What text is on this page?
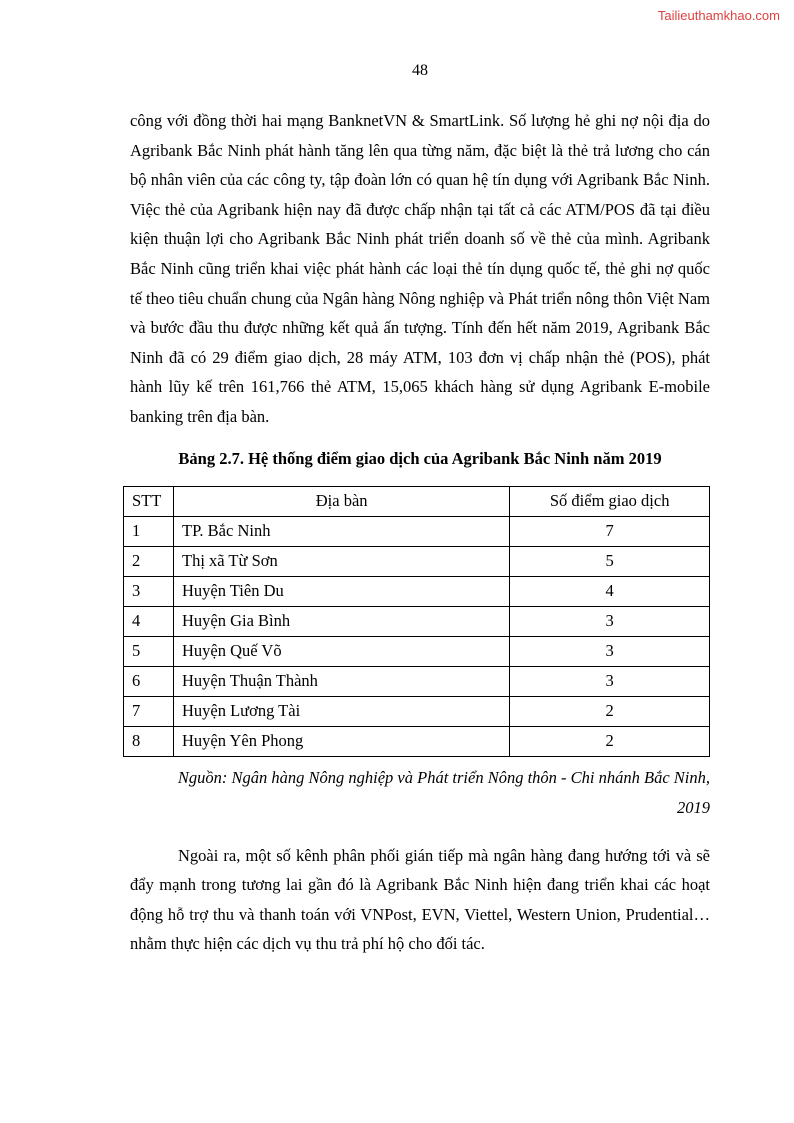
Tailieuthamkhao.com
48

công với đồng thời hai mạng BanknetVN & SmartLink. Số lượng hẻ ghi nợ nội địa do Agribank Bắc Ninh phát hành tăng lên qua từng năm, đặc biệt là thẻ trả lương cho cán bộ nhân viên của các công ty, tập đoàn lớn có quan hệ tín dụng với Agribank Bắc Ninh. Việc thẻ của Agribank hiện nay đã được chấp nhận tại tất cả các ATM/POS đã tại điều kiện thuận lợi cho Agribank Bắc Ninh phát triển doanh số về thẻ của mình. Agribank Bắc Ninh cũng triển khai việc phát hành các loại thẻ tín dụng quốc tế, thẻ ghi nợ quốc tế theo tiêu chuẩn chung của Ngân hàng Nông nghiệp và Phát triển nông thôn Việt Nam và bước đầu thu được những kết quả ấn tượng. Tính đến hết năm 2019, Agribank Bắc Ninh đã có 29 điểm giao dịch, 28 máy ATM, 103 đơn vị chấp nhận thẻ (POS), phát hành lũy kế trên 161,766 thẻ ATM, 15,065 khách hàng sử dụng Agribank E-mobile banking trên địa bàn.

Bảng 2.7. Hệ thống điểm giao dịch của Agribank Bắc Ninh năm 2019
STT	Địa bàn	Số điểm giao dịch
1	TP. Bắc Ninh	7
2	Thị xã Từ Sơn	5
3	Huyện Tiên Du	4
4	Huyện Gia Bình	3
5	Huyện Quế Võ	3
6	Huyện Thuận Thành	3
7	Huyện Lương Tài	2
8	Huyện Yên Phong	2
Nguồn: Ngân hàng Nông nghiệp và Phát triển Nông thôn - Chi nhánh Bắc Ninh,
2019

Ngoài ra, một số kênh phân phối gián tiếp mà ngân hàng đang hướng tới và sẽ đẩy mạnh trong tương lai gần đó là Agribank Bắc Ninh hiện đang triển khai các hoạt động hỗ trợ thu và thanh toán với VNPost, EVN, Viettel, Western Union, Prudential… nhằm thực hiện các dịch vụ thu trả phí hộ cho đối tác.
